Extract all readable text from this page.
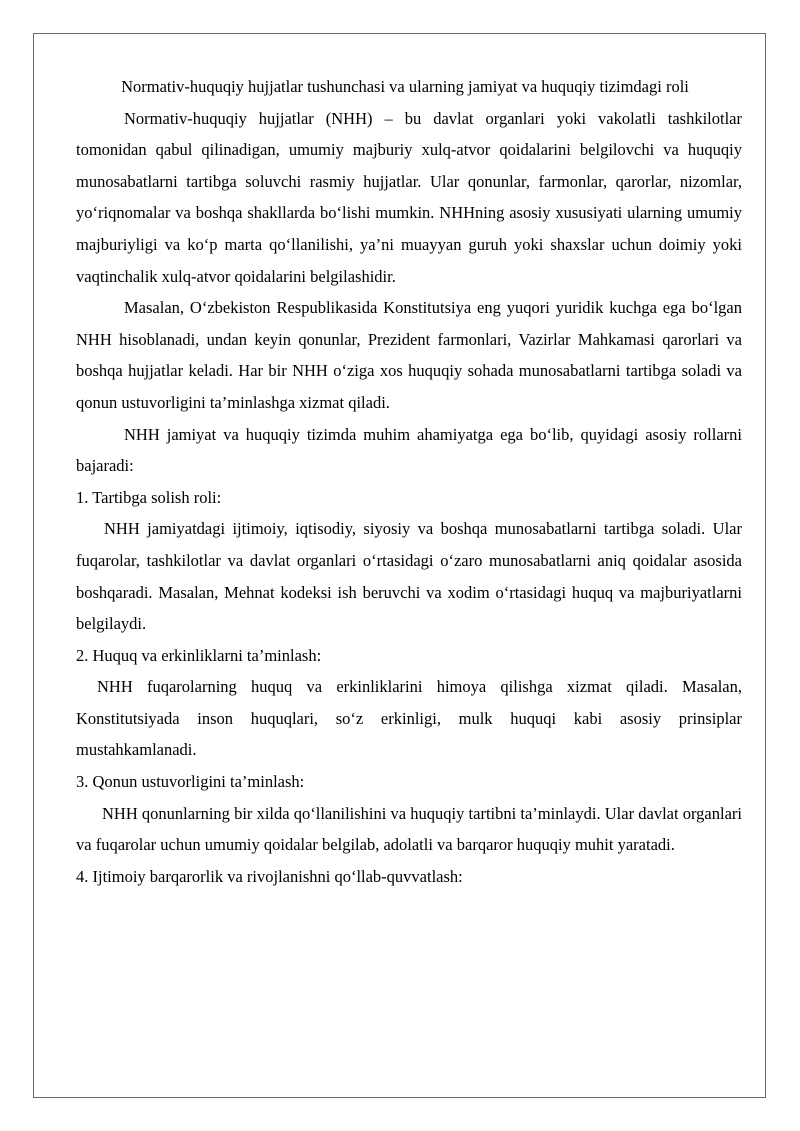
Normativ-huquqiy hujjatlar tushunchasi va ularning jamiyat va huquqiy tizimdagi roli

Normativ-huquqiy hujjatlar (NHH) – bu davlat organlari yoki vakolatli tashkilotlar tomonidan qabul qilinadigan, umumiy majburiy xulq-atvor qoidalarini belgilovchi va huquqiy munosabatlarni tartibga soluvchi rasmiy hujjatlar. Ular qonunlar, farmonlar, qarorlar, nizomlar, yo‘riqnomalar va boshqa shakllarda bo‘lishi mumkin. NHHning asosiy xususiyati ularning umumiy majburiyligi va ko‘p marta qo‘llanilishi, ya’ni muayyan guruh yoki shaxslar uchun doimiy yoki vaqtinchalik xulq-atvor qoidalarini belgilashidir.

Masalan, O‘zbekiston Respublikasida Konstitutsiya eng yuqori yuridik kuchga ega bo‘lgan NHH hisoblanadi, undan keyin qonunlar, Prezident farmonlari, Vazirlar Mahkamasi qarorlari va boshqa hujjatlar keladi. Har bir NHH o‘ziga xos huquqiy sohada munosabatlarni tartibga soladi va qonun ustuvorligini ta’minlashga xizmat qiladi.

NHH jamiyat va huquqiy tizimda muhim ahamiyatga ega bo‘lib, quyidagi asosiy rollarni bajaradi:

1. Tartibga solish roli:

NHH jamiyatdagi ijtimoiy, iqtisodiy, siyosiy va boshqa munosabatlarni tartibga soladi. Ular fuqarolar, tashkilotlar va davlat organlari o‘rtasidagi o‘zaro munosabatlarni aniq qoidalar asosida boshqaradi. Masalan, Mehnat kodeksi ish beruvchi va xodim o‘rtasidagi huquq va majburiyatlarni belgilaydi.

2. Huquq va erkinliklarni ta’minlash:

NHH fuqarolarning huquq va erkinliklarini himoya qilishga xizmat qiladi. Masalan, Konstitutsiyada inson huquqlari, so‘z erkinligi, mulk huquqi kabi asosiy prinsiplar mustahkamlanadi.

3. Qonun ustuvorligini ta’minlash:

NHH qonunlarning bir xilda qo‘llanilishini va huquqiy tartibni ta’minlaydi. Ular davlat organlari va fuqarolar uchun umumiy qoidalar belgilab, adolatli va barqaror huquqiy muhit yaratadi.

4. Ijtimoiy barqarorlik va rivojlanishni qo‘llab-quvvatlash:
